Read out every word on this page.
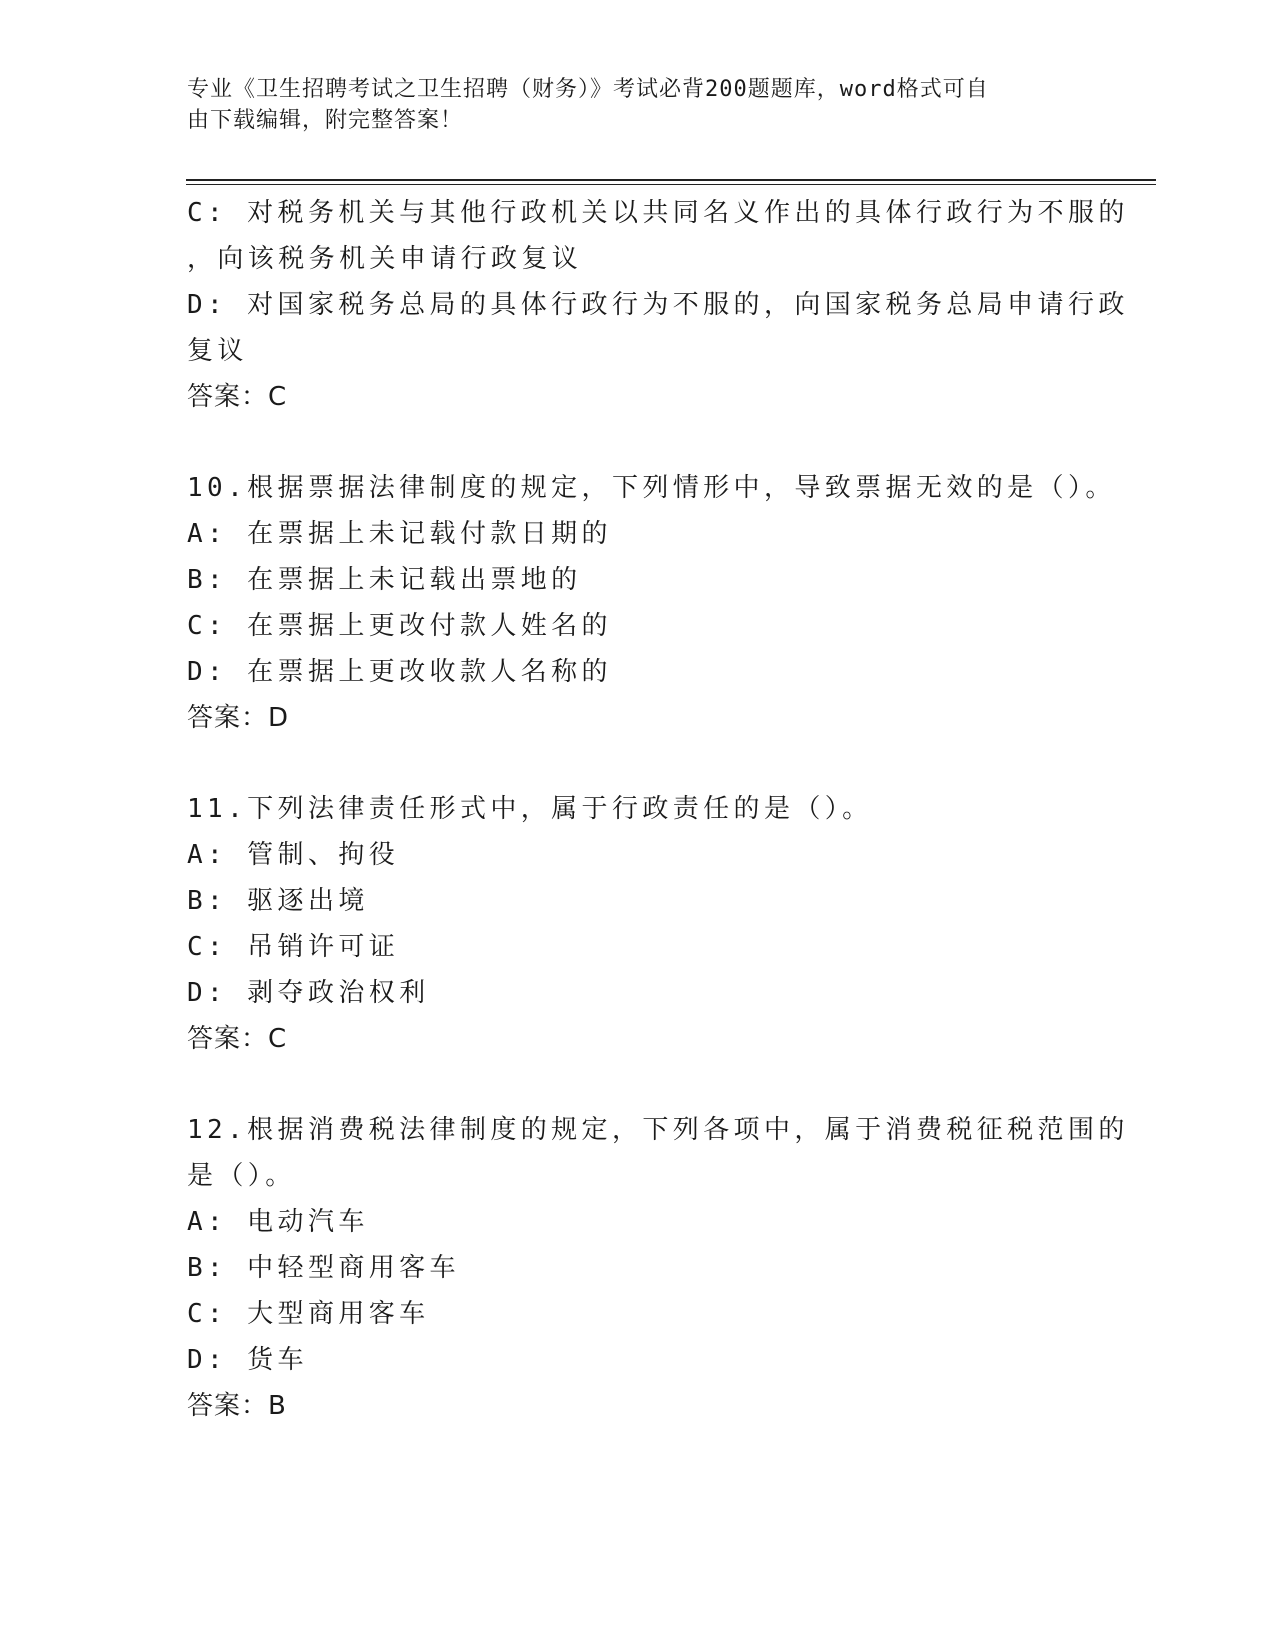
专业《卫生招聘考试之卫生招聘（财务）》考试必背200题题库，word格式可自
由下载编辑，附完整答案！
C: 对税务机关与其他行政机关以共同名义作出的具体行政行为不服的
，向该税务机关申请行政复议
D: 对国家税务总局的具体行政行为不服的，向国家税务总局申请行政
复议
答案：C
10.根据票据法律制度的规定，下列情形中，导致票据无效的是（）。
A: 在票据上未记载付款日期的
B: 在票据上未记载出票地的
C: 在票据上更改付款人姓名的
D: 在票据上更改收款人名称的
答案：D
11.下列法律责任形式中，属于行政责任的是（）。
A: 管制、拘役
B: 驱逐出境
C: 吊销许可证
D: 剥夺政治权利
答案：C
12.根据消费税法律制度的规定，下列各项中，属于消费税征税范围的
是（）。
A: 电动汽车
B: 中轻型商用客车
C: 大型商用客车
D: 货车
答案：B
